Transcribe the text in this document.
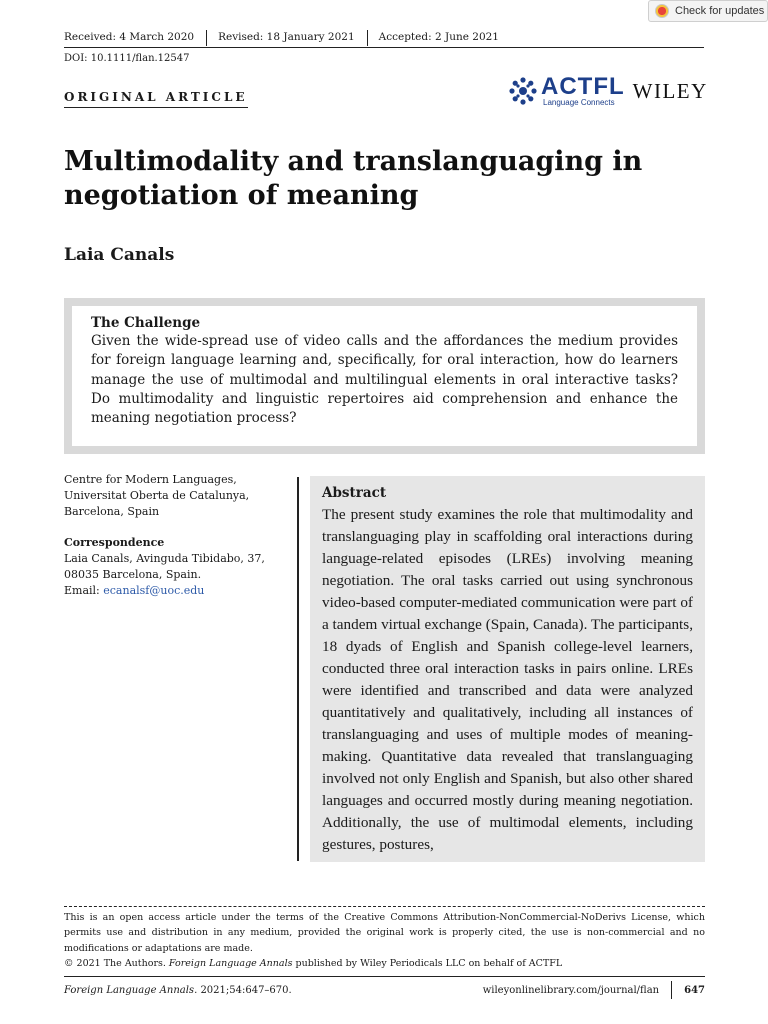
Check for updates
Received: 4 March 2020	Revised: 18 January 2021	Accepted: 2 June 2021
DOI: 10.1111/flan.12547
ORIGINAL ARTICLE	ACTFL
Language Connects WILEY
Multimodality and translanguaging in
negotiation of meaning
Laia Canals
The Challenge
Given the wide-spread use of video calls and the affordances the medium provides for foreign language learning and, specifically, for oral interaction, how do learners manage the use of multimodal and multilingual elements in oral interactive tasks? Do multimodality and linguistic repertoires aid comprehension and enhance the meaning negotiation process?
Centre for Modern Languages,
Universitat Oberta de Catalunya,
Barcelona, Spain
Correspondence
Laia Canals, Avinguda Tibidabo, 37,
08035 Barcelona, Spain.
Email: ecanalsf@uoc.edu
Abstract
The present study examines the role that multimodality and translanguaging play in scaffolding oral interactions during language-related episodes (LREs) involving meaning negotiation. The oral tasks carried out using synchronous video-based computer-mediated communication were part of a tandem virtual exchange (Spain, Canada). The participants, 18 dyads of English and Spanish college-level learners, conducted three oral interaction tasks in pairs online. LREs were identified and transcribed and data were analyzed quantitatively and qualitatively, including all instances of translanguaging and uses of multiple modes of meaning-making. Quantitative data revealed that translanguaging involved not only English and Spanish, but also other shared languages and occurred mostly during meaning negotiation. Additionally, the use of multimodal elements, including gestures, postures,
This is an open access article under the terms of the Creative Commons Attribution-NonCommercial-NoDerivs License, which permits use and distribution in any medium, provided the original work is properly cited, the use is non-commercial and no modifications or adaptations are made.
© 2021 The Authors. Foreign Language Annals published by Wiley Periodicals LLC on behalf of ACTFL
Foreign Language Annals.
2021;54:647–670.	wileyonlinelibrary.com/journal/flan	647
